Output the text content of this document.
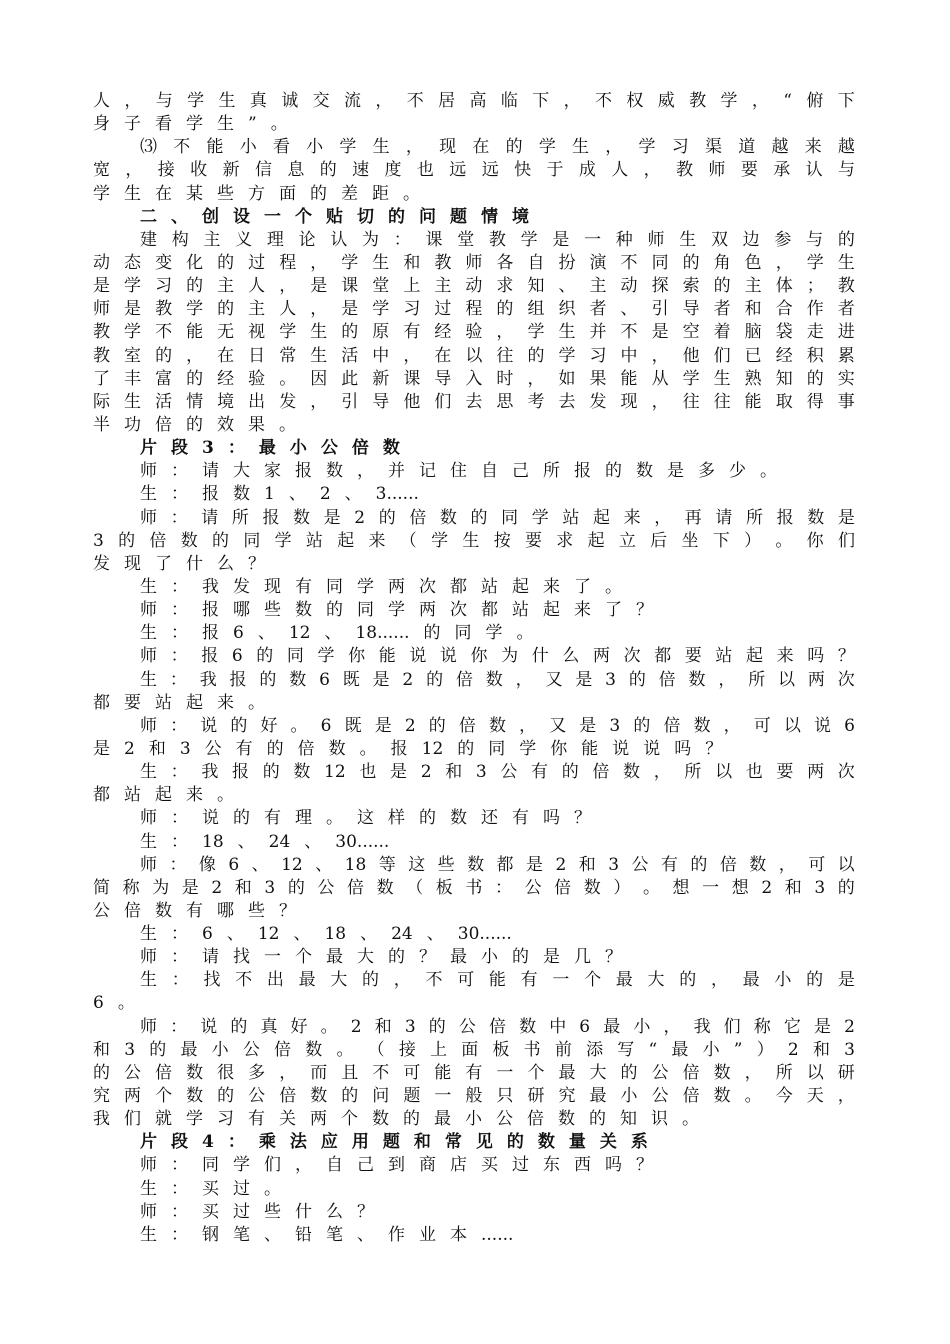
人 ， 与 学 生 真 诚 交 流 ， 不 居 高 临 下 ， 不 权 威 教 学 ， “ 俯 下
身 子 看 学 生 ” 。
⑶ 不 能 小 看 小 学 生 ， 现 在 的 学 生 ， 学 习 渠 道 越 来 越
宽 ， 接 收 新 信 息 的 速 度 也 远 远 快 于 成 人 ， 教 师 要 承 认 与
学 生 在 某 些 方 面 的 差 距 。
二 、 创 设 一 个 贴 切 的 问 题 情 境
建 构 主 义 理 论 认 为 ： 课 堂 教 学 是 一 种 师 生 双 边 参 与 的
动 态 变 化 的 过 程 ， 学 生 和 教 师 各 自 扮 演 不 同 的 角 色 ， 学 生
是 学 习 的 主 人 ， 是 课 堂 上 主 动 求 知 、 主 动 探 索 的 主 体 ； 教
师 是 教 学 的 主 人 ， 是 学 习 过 程 的 组 织 者 、 引 导 者 和 合 作 者
教 学 不 能 无 视 学 生 的 原 有 经 验 ， 学 生 并 不 是 空 着 脑 袋 走 进
教 室 的 ， 在 日 常 生 活 中 ， 在 以 往 的 学 习 中 ， 他 们 已 经 积 累
了 丰 富 的 经 验 。 因 此 新 课 导 入 时 ， 如 果 能 从 学 生 熟 知 的 实
际 生 活 情 境 出 发 ， 引 导 他 们 去 思 考 去 发 现 ， 往 往 能 取 得 事
半 功 倍 的 效 果 。
片 段 3 ： 最 小 公 倍 数
师 ： 请 大 家 报 数 ， 并 记 住 自 己 所 报 的 数 是 多 少 。
生 ： 报 数 1 、 2 、 3......
师 ： 请 所 报 数 是 2 的 倍 数 的 同 学 站 起 来 ， 再 请 所 报 数 是
3 的 倍 数 的 同 学 站 起 来 （ 学 生 按 要 求 起 立 后 坐 下 ） 。 你 们
发 现 了 什 么 ？
生 ： 我 发 现 有 同 学 两 次 都 站 起 来 了 。
师 ： 报 哪 些 数 的 同 学 两 次 都 站 起 来 了 ？
生 ： 报 6 、 12 、 18...... 的 同 学 。
师 ： 报 6 的 同 学 你 能 说 说 你 为 什 么 两 次 都 要 站 起 来 吗 ？
生 ： 我 报 的 数 6 既 是 2 的 倍 数 ， 又 是 3 的 倍 数 ， 所 以 两 次
都 要 站 起 来 。
师 ： 说 的 好 。 6 既 是 2 的 倍 数 ， 又 是 3 的 倍 数 ， 可 以 说 6
是 2 和 3 公 有 的 倍 数 。 报 12 的 同 学 你 能 说 说 吗 ？
生 ： 我 报 的 数 12 也 是 2 和 3 公 有 的 倍 数 ， 所 以 也 要 两 次
都 站 起 来 。
师 ： 说 的 有 理 。 这 样 的 数 还 有 吗 ？
生 ： 18 、 24 、 30......
师 ： 像 6 、 12 、 18 等 这 些 数 都 是 2 和 3 公 有 的 倍 数 ， 可 以
简 称 为 是 2 和 3 的 公 倍 数 （ 板 书 ： 公 倍 数 ） 。 想 一 想 2 和 3 的
公 倍 数 有 哪 些 ？
生 ： 6 、 12 、 18 、 24 、 30......
师 ： 请 找 一 个 最 大 的 ？ 最 小 的 是 几 ？
生 ： 找 不 出 最 大 的 ， 不 可 能 有 一 个 最 大 的 ， 最 小 的 是
6 。
师 ： 说 的 真 好 。 2 和 3 的 公 倍 数 中 6 最 小 ， 我 们 称 它 是 2
和 3 的 最 小 公 倍 数 。 （ 接 上 面 板 书 前 添 写 “ 最 小 ” ） 2 和 3
的 公 倍 数 很 多 ， 而 且 不 可 能 有 一 个 最 大 的 公 倍 数 ， 所 以 研
究 两 个 数 的 公 倍 数 的 问 题 一 般 只 研 究 最 小 公 倍 数 。 今 天 ，
我 们 就 学 习 有 关 两 个 数 的 最 小 公 倍 数 的 知 识 。
片 段 4 ： 乘 法 应 用 题 和 常 见 的 数 量 关 系
师 ： 同 学 们 ， 自 己 到 商 店 买 过 东 西 吗 ？
生 ： 买 过 。
师 ： 买 过 些 什 么 ？
生 ： 钢 笔 、 铅 笔 、 作 业 本 ......
